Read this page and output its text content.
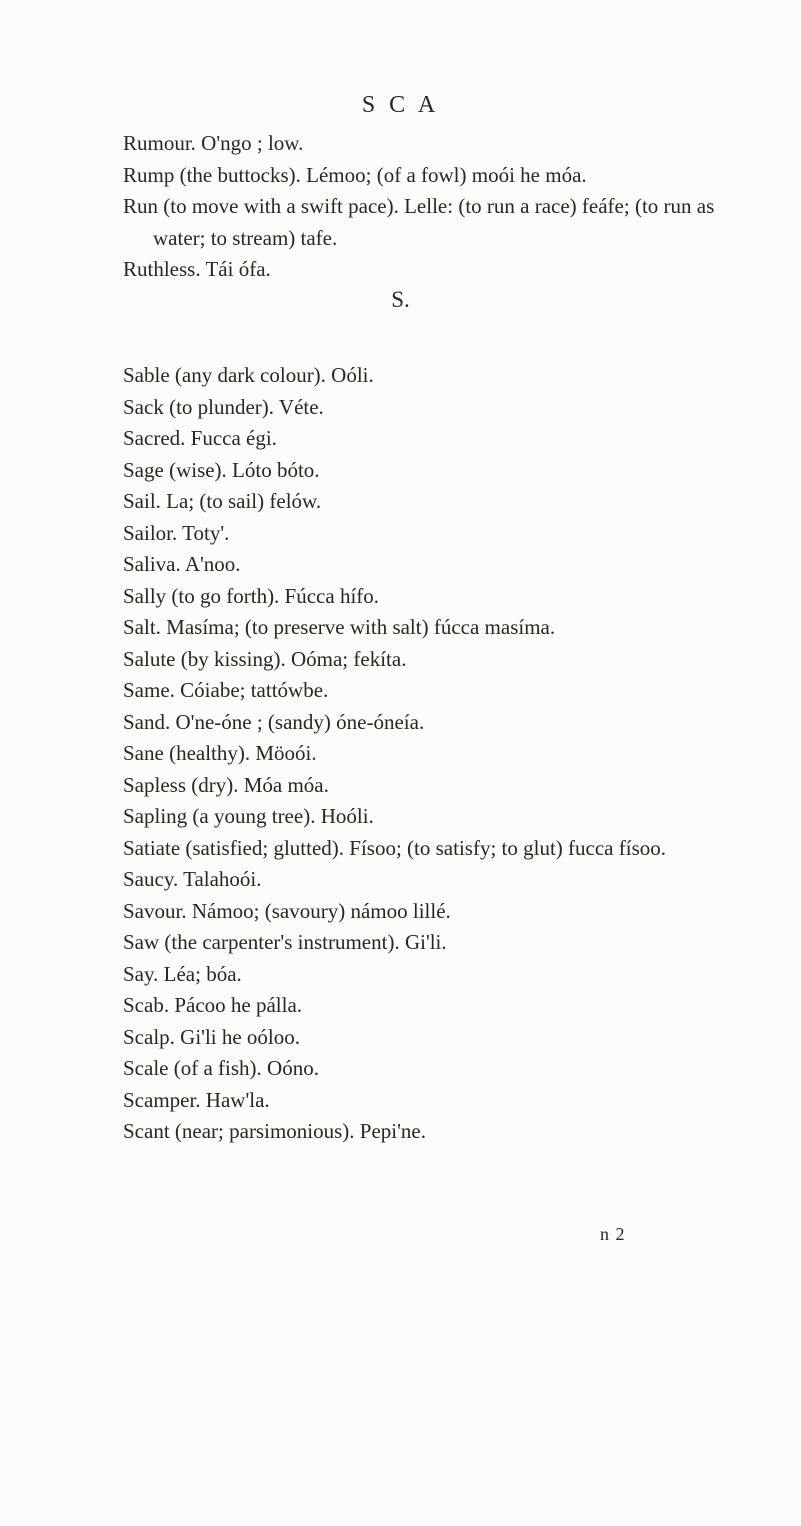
S C A
Rumour. O'ngo ; low.
Rump (the buttocks). Lémoo; (of a fowl) moói he móa.
Run (to move with a swift pace). Lelle: (to run a race) feáfe; (to run as water; to stream) tafe.
Ruthless. Tái ófa.
S.
Sable (any dark colour). Oóli.
Sack (to plunder). Véte.
Sacred. Fucca égi.
Sage (wise). Lóto bóto.
Sail. La; (to sail) felów.
Sailor. Toty'.
Saliva. A'noo.
Sally (to go forth). Fúcca hífo.
Salt. Masíma; (to preserve with salt) fúcca masíma.
Salute (by kissing). Oóma; fekíta.
Same. Cóiabe; tattówbe.
Sand. O'ne-óne ; (sandy) óne-óneía.
Sane (healthy). Möoói.
Sapless (dry). Móa móa.
Sapling (a young tree). Hoóli.
Satiate (satisfied; glutted). Físoo; (to satisfy; to glut) fucca físoo.
Saucy. Talahoói.
Savour. Námoo; (savoury) námoo lillé.
Saw (the carpenter's instrument). Gi'li.
Say. Léa; bóa.
Scab. Pácoo he pálla.
Scalp. Gi'li he oóloo.
Scale (of a fish). Oóno.
Scamper. Haw'la.
Scant (near; parsimonious). Pepi'ne.
n 2
